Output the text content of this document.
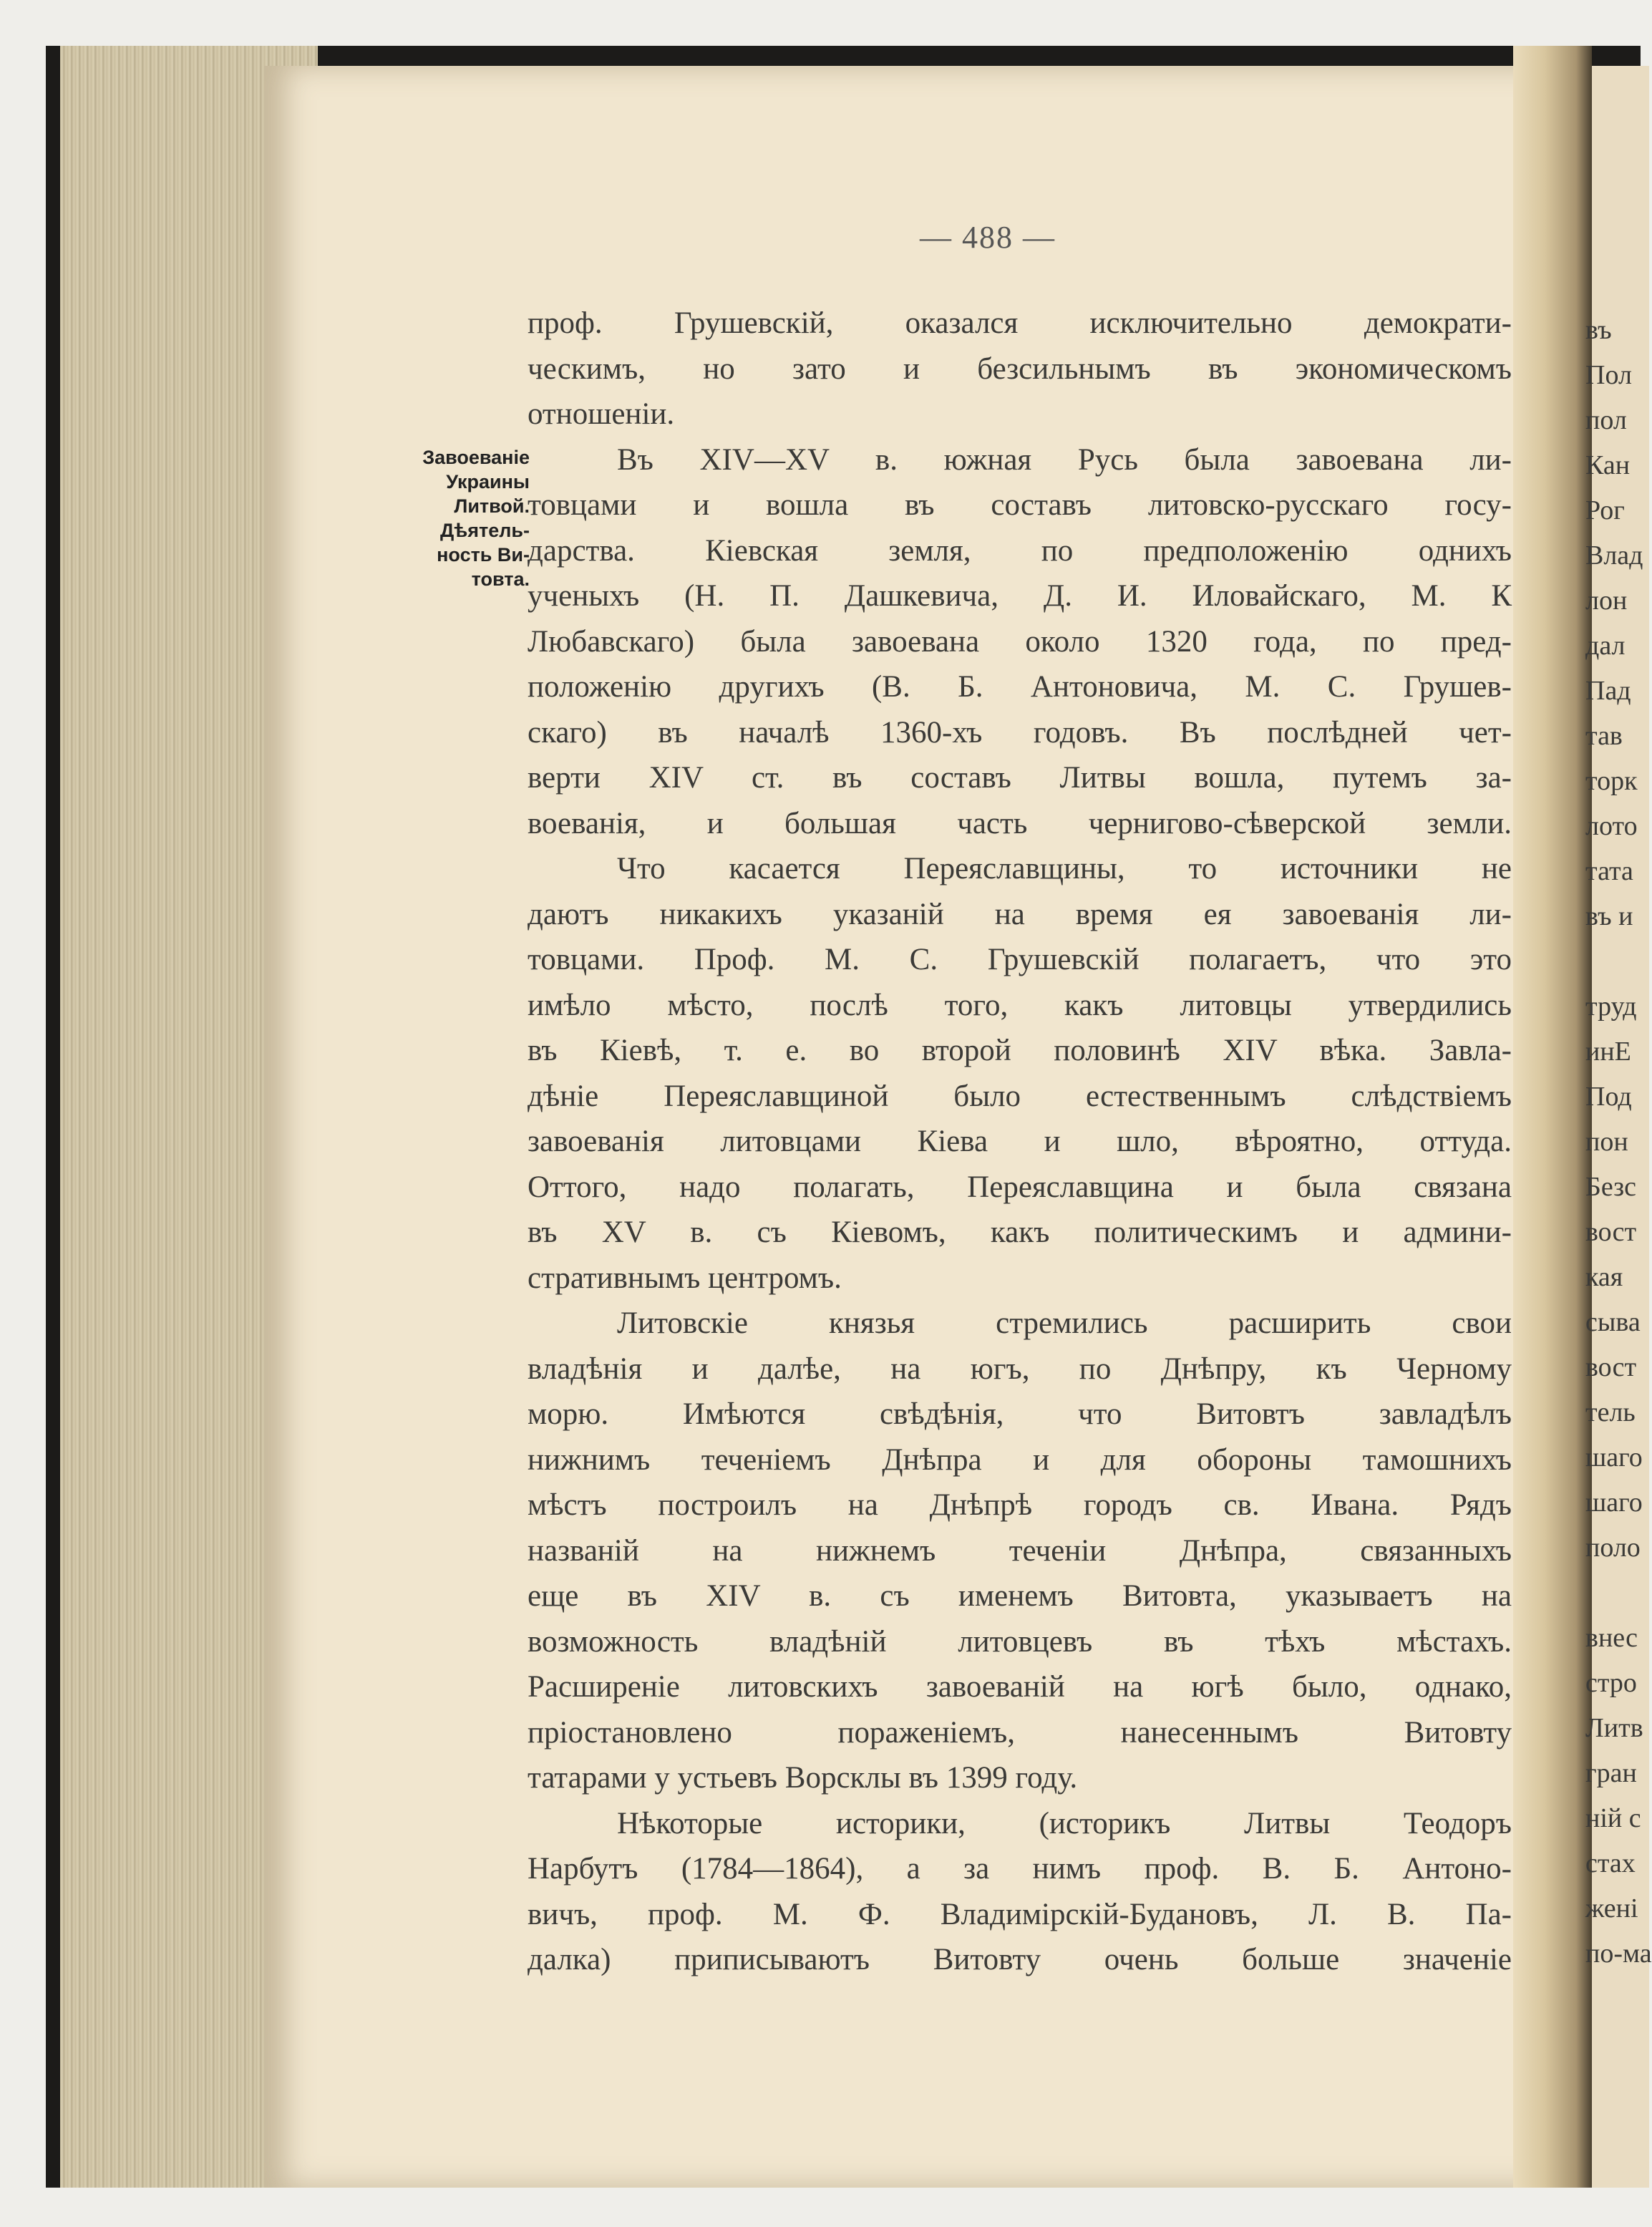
— 488 —
Завоеваніе
Украины
Литвой.
Дѣятель-
ность Ви-
товта.
проф. Грушевскій, оказался исключительно демократи-
ческимъ, но зато и безсильнымъ въ экономическомъ
отношеніи.
Въ XIV—XV в. южная Русь была завоевана ли-
товцами и вошла въ составъ литовско-русскаго госу-
дарства. Кіевская земля, по предположенію однихъ
ученыхъ (Н. П. Дашкевича, Д. И. Иловайскаго, М. К
Любавскаго) была завоевана около 1320 года, по пред-
положенію другихъ (В. Б. Антоновича, М. С. Грушев-
скаго) въ началѣ 1360-хъ годовъ. Въ послѣдней чет-
верти XIV ст. въ составъ Литвы вошла, путемъ за-
воеванія, и большая часть чернигово-сѣверской земли.
Что касается Переяславщины, то источники не
даютъ никакихъ указаній на время ея завоеванія ли-
товцами. Проф. М. С. Грушевскій полагаетъ, что это
имѣло мѣсто, послѣ того, какъ литовцы утвердились
въ Кіевѣ, т. е. во второй половинѣ XIV вѣка. Завла-
дѣніе Переяславщиной было естественнымъ слѣдствіемъ
завоеванія литовцами Кіева и шло, вѣроятно, оттуда.
Оттого, надо полагать, Переяславщина и была связана
въ XV в. съ Кіевомъ, какъ политическимъ и админи-
стративнымъ центромъ.
Литовскіе князья стремились расширить свои
владѣнія и далѣе, на югъ, по Днѣпру, къ Черному
морю. Имѣются свѣдѣнія, что Витовтъ завладѣлъ
нижнимъ теченіемъ Днѣпра и для обороны тамошнихъ
мѣстъ построилъ на Днѣпрѣ городъ св. Ивана. Рядъ
названій на нижнемъ теченіи Днѣпра, связанныхъ
еще въ XIV в. съ именемъ Витовта, указываетъ на
возможность владѣній литовцевъ въ тѣхъ мѣстахъ.
Расширеніе литовскихъ завоеваній на югѣ было, однако,
пріостановлено пораженіемъ, нанесеннымъ Витовту
татарами у устьевъ Ворсклы въ 1399 году.
Нѣкоторые историки, (историкъ Литвы Теодоръ
Нарбутъ (1784—1864), а за нимъ проф. В. Б. Антоно-
вичъ, проф. М. Ф. Владимірскій-Будановъ, Л. В. Па-
далка) приписываютъ Витовту очень больше значеніе
въ
Пол
пол
Кан
Рог
Влад
лон
дал
Пад
тав
торк
лото
тата
въ и

труд
инЕ
Под
пон
Безс
вост
кая
сыва
вост
тель
шаго
шаго
поло

внес
стро
Литв
гран
ній с
стах
жені
по-ма
